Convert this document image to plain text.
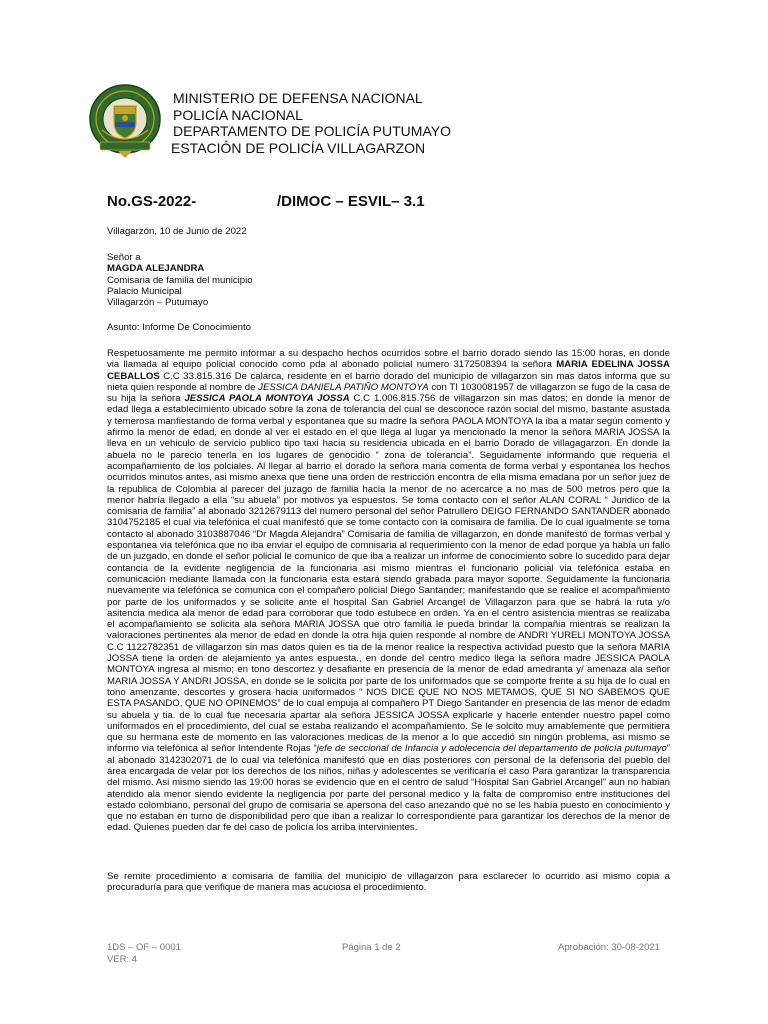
MINISTERIO DE DEFENSA NACIONAL
POLICÍA NACIONAL
DEPARTAMENTO DE POLICÍA PUTUMAYO
ESTACIÓN DE POLICÍA VILLAGARZON
No.GS-2022-	/DIMOC – ESVIL– 3.1
Villagarzón, 10 de Junio de 2022
Señor a
MAGDA ALEJANDRA
Comisaria de familia del municipio
Palacio Municipal
Villagarzón – Putumayo
Asunto: Informe De Conocimiento
Respetuosamente me permito informar a su despacho hechos ocurridos sobre el barrio dorado siendo las 15:00 horas, en donde via llamada al equipo policial conocido como pda al abonado policial numero 3172508394 la señora MARIA EDELINA JOSSA CEBALLOS C.C 33.815.316 De calarca, residente en el barrio dorado del municipio de villagarzon sin mas datos informa que su nieta quien responde al nombre de JESSICA DANIELA PATIÑO MONTOYA con TI 1030081957 de villagarzon se fugo de la casa de su hija la señora JESSICA PAOLA MONTOYA JOSSA C.C 1.006.815.756 de villagarzon sin mas datos; en donde la menor de edad llega a establecimiento ubicado sobre la zona de tolerancia del cual se desconoce razón social del mismo, bastante asustada y temerosa manfiestando de forma verbal y espontanea que su madre la señora PAOLA MONTOYA la iba a matar según comento y afirmo la menor de edad, en donde al ver el estado en el que llega al lugar ya mencionado la menor la señora MARIA JOSSA la lleva en un vehiculo de servicio publico tipo taxi hacia su residencia ubicada en el barrio Dorado de villagagarzon. En donde la abuela no le parecio tenerla en los lugares de genocidio “ zona de tolerancia”. Seguidamente informando que requeria el acompañamiento de los polciales. Al llegar al barrio el dorado la señora maria comenta de forma verbal y espontanea los hechos ocurridos minutos antes, asi mismo anexa que tiene una orden de restricción encontra de ella misma emadana por un señor juez de la republica de Colombia al parecer del juzago de familia hacia la menor de no acercarce a no mas de 500 metros pero que la menor habría llegado a ella “su abuela” por motivos ya espuestos. Se toma contacto con el señor ALAN CORAL “ Juridico de la comisaria de familia” al abonado 3212679113 del numero personal del señor Patrullero DEIGO FERNANDO SANTANDER abonado 3104752185 el cual via telefónica el cual manifestó que se tome contacto con la comisaira de familia. De lo cual igualmente se toma contacto al abonado 3103887046 “Dr Magda Alejandra” Comisaria de familia de villagarzon, en donde manifestó de formas verbal y espontanea via telefónica que no iba enviar el equipo de comnisaria al requerimiento con la menor de edad porque ya había un fallo de un juzgado, en donde el señor policial le comunico de que iba a realizar un informe de conocimiento sobre lo sucedido para dejar contancia de la evidente negligencia de la funcionaria asi mismo mientras el funcionario policial via telefónica estaba en comunicación mediante llamada con la funcionaria esta estará siendo grabada para mayor soporte. Seguidamente la funcionaria nuevamente via telefónica se comunica con el compañero policial Diego Santander; manifestando que se realice el acompañmiento por parte de los uniformados y se solicite ante el hospital San Gabriel Arcangel de Villagarzon para que se habrá la ruta y/o asitencia medica ala menor de edad para corroborar que todo estubece en orden. Ya en el centro asistencia mientras se realizaba el acompañamiento se solicita ala señora MARIA JOSSA que otro familia le pueda brindar la compañia mientras se realizan la valoraciones pertinentes ala menor de edad en donde la otra hija quien responde al nombre de ANDRI YURELI MONTOYA JOSSA C.C 1122782351 de villagarzon sin mas datos quien es tia de la menor realice la respectiva actividad puesto que la señora MARIA JOSSA tiene la orden de alejamiento ya antes espuesta., en donde del centro medico llega la señora madre JESSICA PAOLA MONTOYA ingresa al mismo; en tono descortez y desafiante en presencia de la menor de edad amedranta y/ amenaza ala señor MARIA JOSSA Y ANDRI JOSSA, en donde se le solicita por parte de los uniformados que se comporte frente a su hija de lo cual en tono amenzante, descortes y grosera hacia uniformados “ NOS DICE QUE NO NOS METAMOS, QUE SI NO SABEMOS QUE ESTA PASANDO, QUE NO OPINEMOS” de lo cual empuja al compañero PT Diego Santander en presencia de las menor de edadm su abuela y tia. de lo cual fue necesaria apartar ala señora JESSICA JOSSA explicarle y hacerle entender nuestro papel como uniformados en el procedimiento, del cual se estaba realizando el acompañamiento. Se le solcito muy amablemente que permitiera que su hermana este de momento en las valoraciones medicas de la menor a lo que accedió sin ningún problema, asi mismo se informo via telefónica al señor Intendente Rojas “jefe de seccional de Infancia y adolecencia del departamento de policía putumayo” al abonado 3142302071 de lo cual via telefónica manifestó que en dias posteriores con personal de la defensoria del pueblo del área encargada de velar por los derechos de los niños, niñas y adolescentes se verificaría el caso Para garantizar la transparencia del mismo. Asi mismo siendo las 19:00 horas se evidencio que en el centro de salud “Hospital San Gabriel Arcangel” aun no habian atendido ala menor siendo evidente la negligencia por parte del personal medico y la falta de compromiso entre instituciones del estado colombiano, personal del grupo de comisaria se apersona del caso anezando que no se les había puesto en conocimiento y que no estaban en turno de disponibilidad pero que iban a realizar lo correspondiente para garantizar los derechos de la menor de edad. Quienes pueden dar fe del caso de policía los arriba intervinientes.
Se remite procedimiento a comisaria de familia del municipio de villagarzon para esclarecer lo ocurrido asi mismo copia a procuraduría para que verifique de manera mas acuciosa el procedimiento.
1DS – OF – 0001
VER: 4
Página 1 de 2	Aprobación: 30-08-2021
